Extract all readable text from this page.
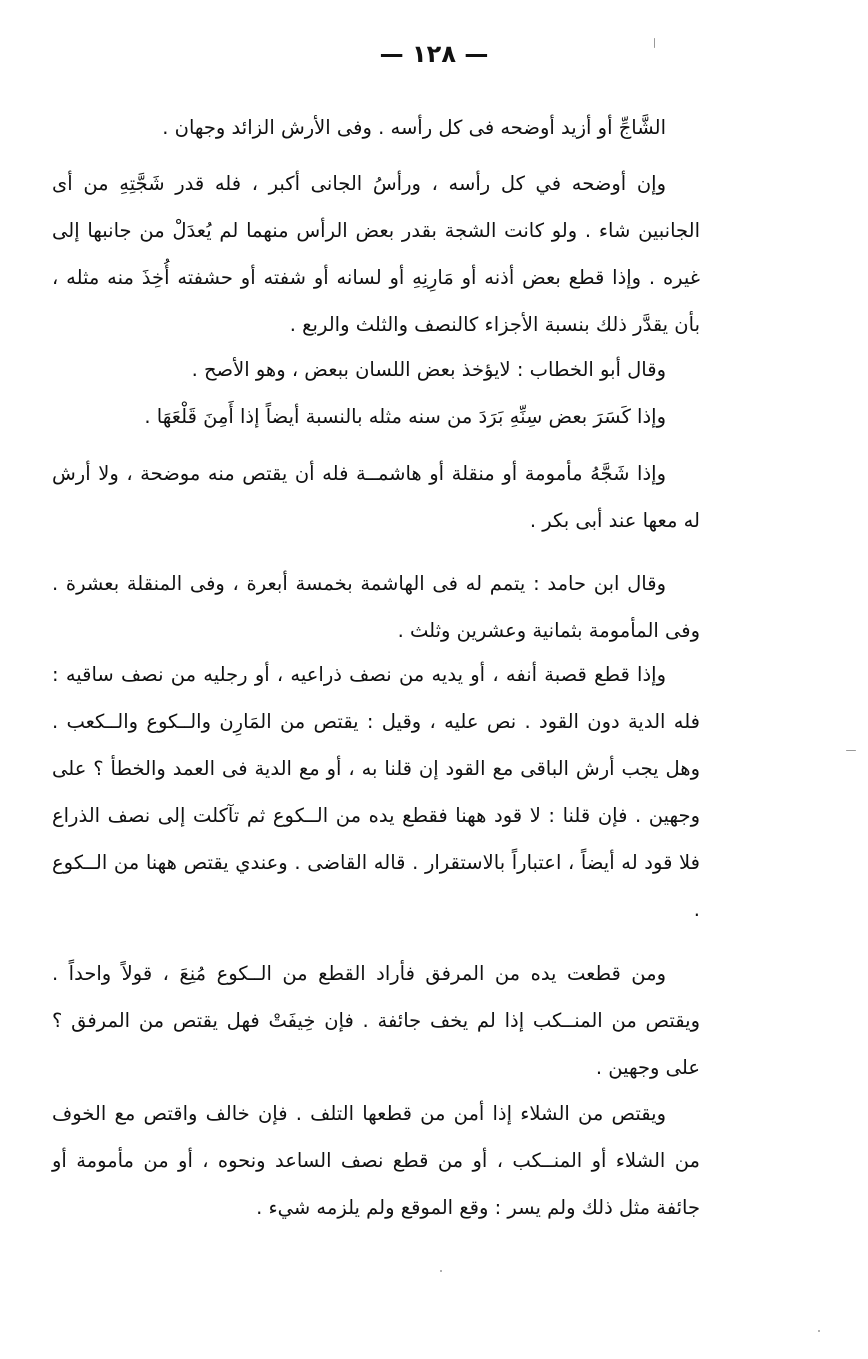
— ١٢٨ —

الشَّاجِّ أو أزيد أوضحه فى كل رأسه . وفى الأرش الزائد وجهان .

وإن أوضحه في كل رأسه ، ورأسُ الجانى أكبر ، فله قدر شَجَّتِهِ من أى الجانبين شاء . ولو كانت الشجة بقدر بعض الرأس منهما لم يُعدَلْ من جانبها إلى غيره . وإذا قطع بعض أذنه أو مَارِنِهِ أو لسانه أو شفته أو حشفته أُخِذَ منه مثله ، بأن يقدَّر ذلك بنسبة الأجزاء كالنصف والثلث والربع .

وقال أبو الخطاب : لايؤخذ بعض اللسان ببعض ، وهو الأصح .

وإذا كَسَرَ بعض سِنِّهِ بَرَدَ من سنه مثله بالنسبة أيضاً إذا أَمِنَ قَلْعَهَا .

وإذا شَجَّهُ مأمومة أو منقلة أو هاشمــة فله أن يقتص منه موضحة ، ولا أرش له معها عند أبى بكر .

وقال ابن حامد : يتمم له فى الهاشمة بخمسة أبعرة ، وفى المنقلة بعشرة . وفى المأمومة بثمانية وعشرين وثلث .

وإذا قطع قصبة أنفه ، أو يديه من نصف ذراعيه ، أو رجليه من نصف ساقيه : فله الدية دون القود . نص عليه ، وقيل : يقتص من المَارِن والــكوع والــكعب . وهل يجب أرش الباقى مع القود إن قلنا به ، أو مع الدية فى العمد والخطأ ؟ على وجهين . فإن قلنا : لا قود ههنا فقطع يده من الــكوع ثم تآكلت إلى نصف الذراع فلا قود له أيضاً ، اعتباراً بالاستقرار . قاله القاضى . وعندي يقتص ههنا من الــكوع .

ومن قطعت يده من المرفق فأراد القطع من الــكوع مُنِعَ ، قولاً واحداً . ويقتص من المنــكب إذا لم يخف جائفة . فإن خِيفَتْ فهل يقتص من المرفق ؟ على وجهين .

ويقتص من الشلاء إذا أمن من قطعها التلف . فإن خالف واقتص مع الخوف من الشلاء أو المنــكب ، أو من قطع نصف الساعد ونحوه ، أو من مأمومة أو جائفة مثل ذلك ولم يسر : وقع الموقع ولم يلزمه شيء .
